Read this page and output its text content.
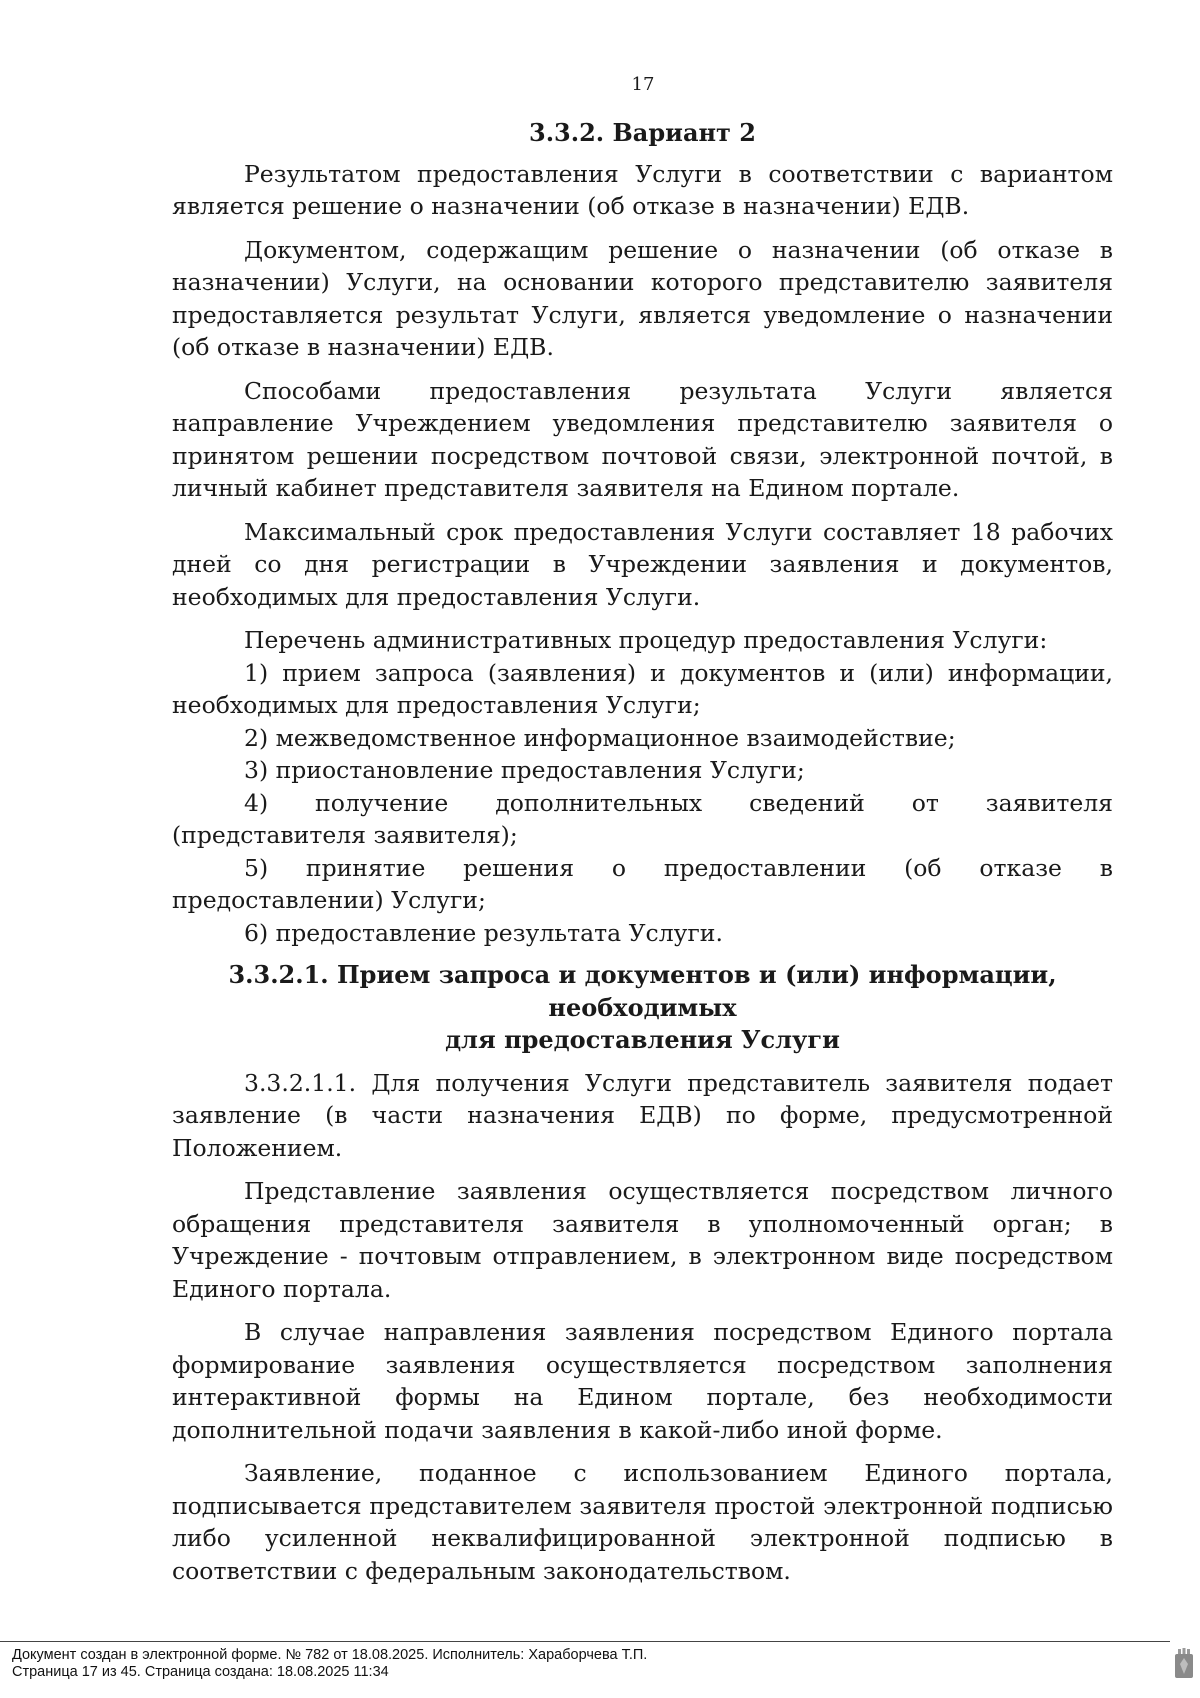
17
3.3.2. Вариант 2

Результатом предоставления Услуги в соответствии с вариантом является решение о назначении (об отказе в назначении) ЕДВ.

Документом, содержащим решение о назначении (об отказе в назначении) Услуги, на основании которого представителю заявителя предоставляется результат Услуги, является уведомление о назначении (об отказе в назначении) ЕДВ.

Способами предоставления результата Услуги является направление Учреждением уведомления представителю заявителя о принятом решении посредством почтовой связи, электронной почтой, в личный кабинет представителя заявителя на Едином портале.

Максимальный срок предоставления Услуги составляет 18 рабочих дней со дня регистрации в Учреждении заявления и документов, необходимых для предоставления Услуги.

Перечень административных процедур предоставления Услуги:

1) прием запроса (заявления) и документов и (или) информации, необходимых для предоставления Услуги;

2) межведомственное информационное взаимодействие;

3) приостановление предоставления Услуги;

4) получение дополнительных сведений от заявителя (представителя заявителя);

5) принятие решения о предоставлении (об отказе в предоставлении) Услуги;

6) предоставление результата Услуги.

3.3.2.1. Прием запроса и документов и (или) информации, необходимых
для предоставления Услуги

3.3.2.1.1. Для получения Услуги представитель заявителя подает заявление (в части назначения ЕДВ) по форме, предусмотренной Положением.

Представление заявления осуществляется посредством личного обращения представителя заявителя в уполномоченный орган; в Учреждение - почтовым отправлением, в электронном виде посредством Единого портала.

В случае направления заявления посредством Единого портала формирование заявления осуществляется посредством заполнения интерактивной формы на Едином портале, без необходимости дополнительной подачи заявления в какой-либо иной форме.

Заявление, поданное с использованием Единого портала, подписывается представителем заявителя простой электронной подписью либо усиленной неквалифицированной электронной подписью в соответствии с федеральным законодательством.

Документ создан в электронной форме. № 782 от 18.08.2025. Исполнитель: Хараборчева Т.П.
Страница 17 из 45. Страница создана: 18.08.2025 11:34
